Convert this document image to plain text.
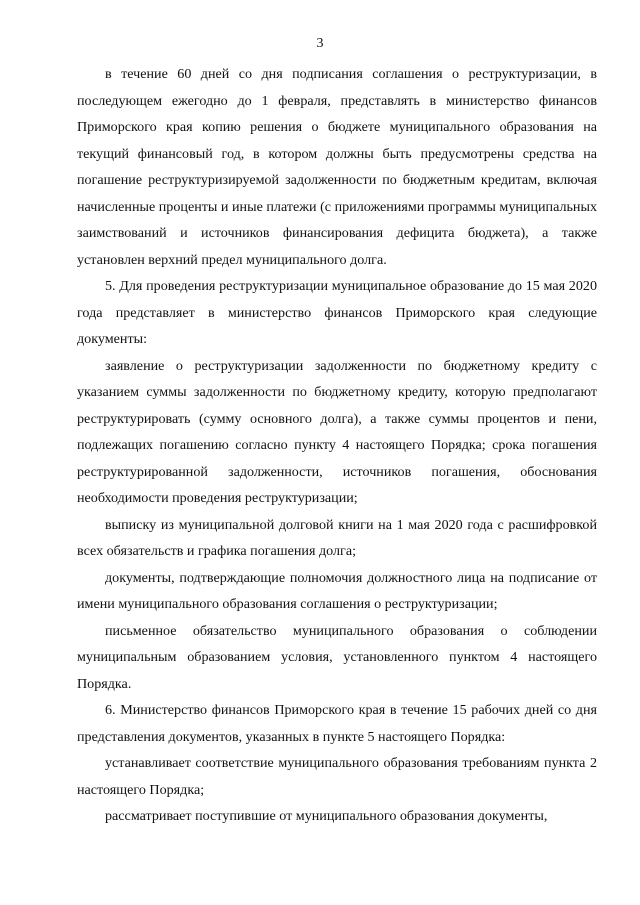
3

в течение 60 дней со дня подписания соглашения о реструктуризации, в последующем ежегодно до 1 февраля, представлять в министерство финансов Приморского края копию решения о бюджете муниципального образования на текущий финансовый год, в котором должны быть предусмотрены средства на погашение реструктуризируемой задолженности по бюджетным кредитам, включая начисленные проценты и иные платежи (с приложениями программы муниципальных заимствований и источников финансирования дефицита бюджета), а также установлен верхний предел муниципального долга.

5. Для проведения реструктуризации муниципальное образование до 15 мая 2020 года представляет в министерство финансов Приморского края следующие документы:

заявление о реструктуризации задолженности по бюджетному кредиту с указанием суммы задолженности по бюджетному кредиту, которую предполагают реструктурировать (сумму основного долга), а также суммы процентов и пени, подлежащих погашению согласно пункту 4 настоящего Порядка; срока погашения реструктурированной задолженности, источников погашения, обоснования необходимости проведения реструктуризации;

выписку из муниципальной долговой книги на 1 мая 2020 года с расшифровкой всех обязательств и графика погашения долга;

документы, подтверждающие полномочия должностного лица на подписание от имени муниципального образования соглашения о реструктуризации;

письменное обязательство муниципального образования о соблюдении муниципальным образованием условия, установленного пунктом 4 настоящего Порядка.

6. Министерство финансов Приморского края в течение 15 рабочих дней со дня представления документов, указанных в пункте 5 настоящего Порядка:

устанавливает соответствие муниципального образования требованиям пункта 2 настоящего Порядка;

рассматривает поступившие от муниципального образования документы,
